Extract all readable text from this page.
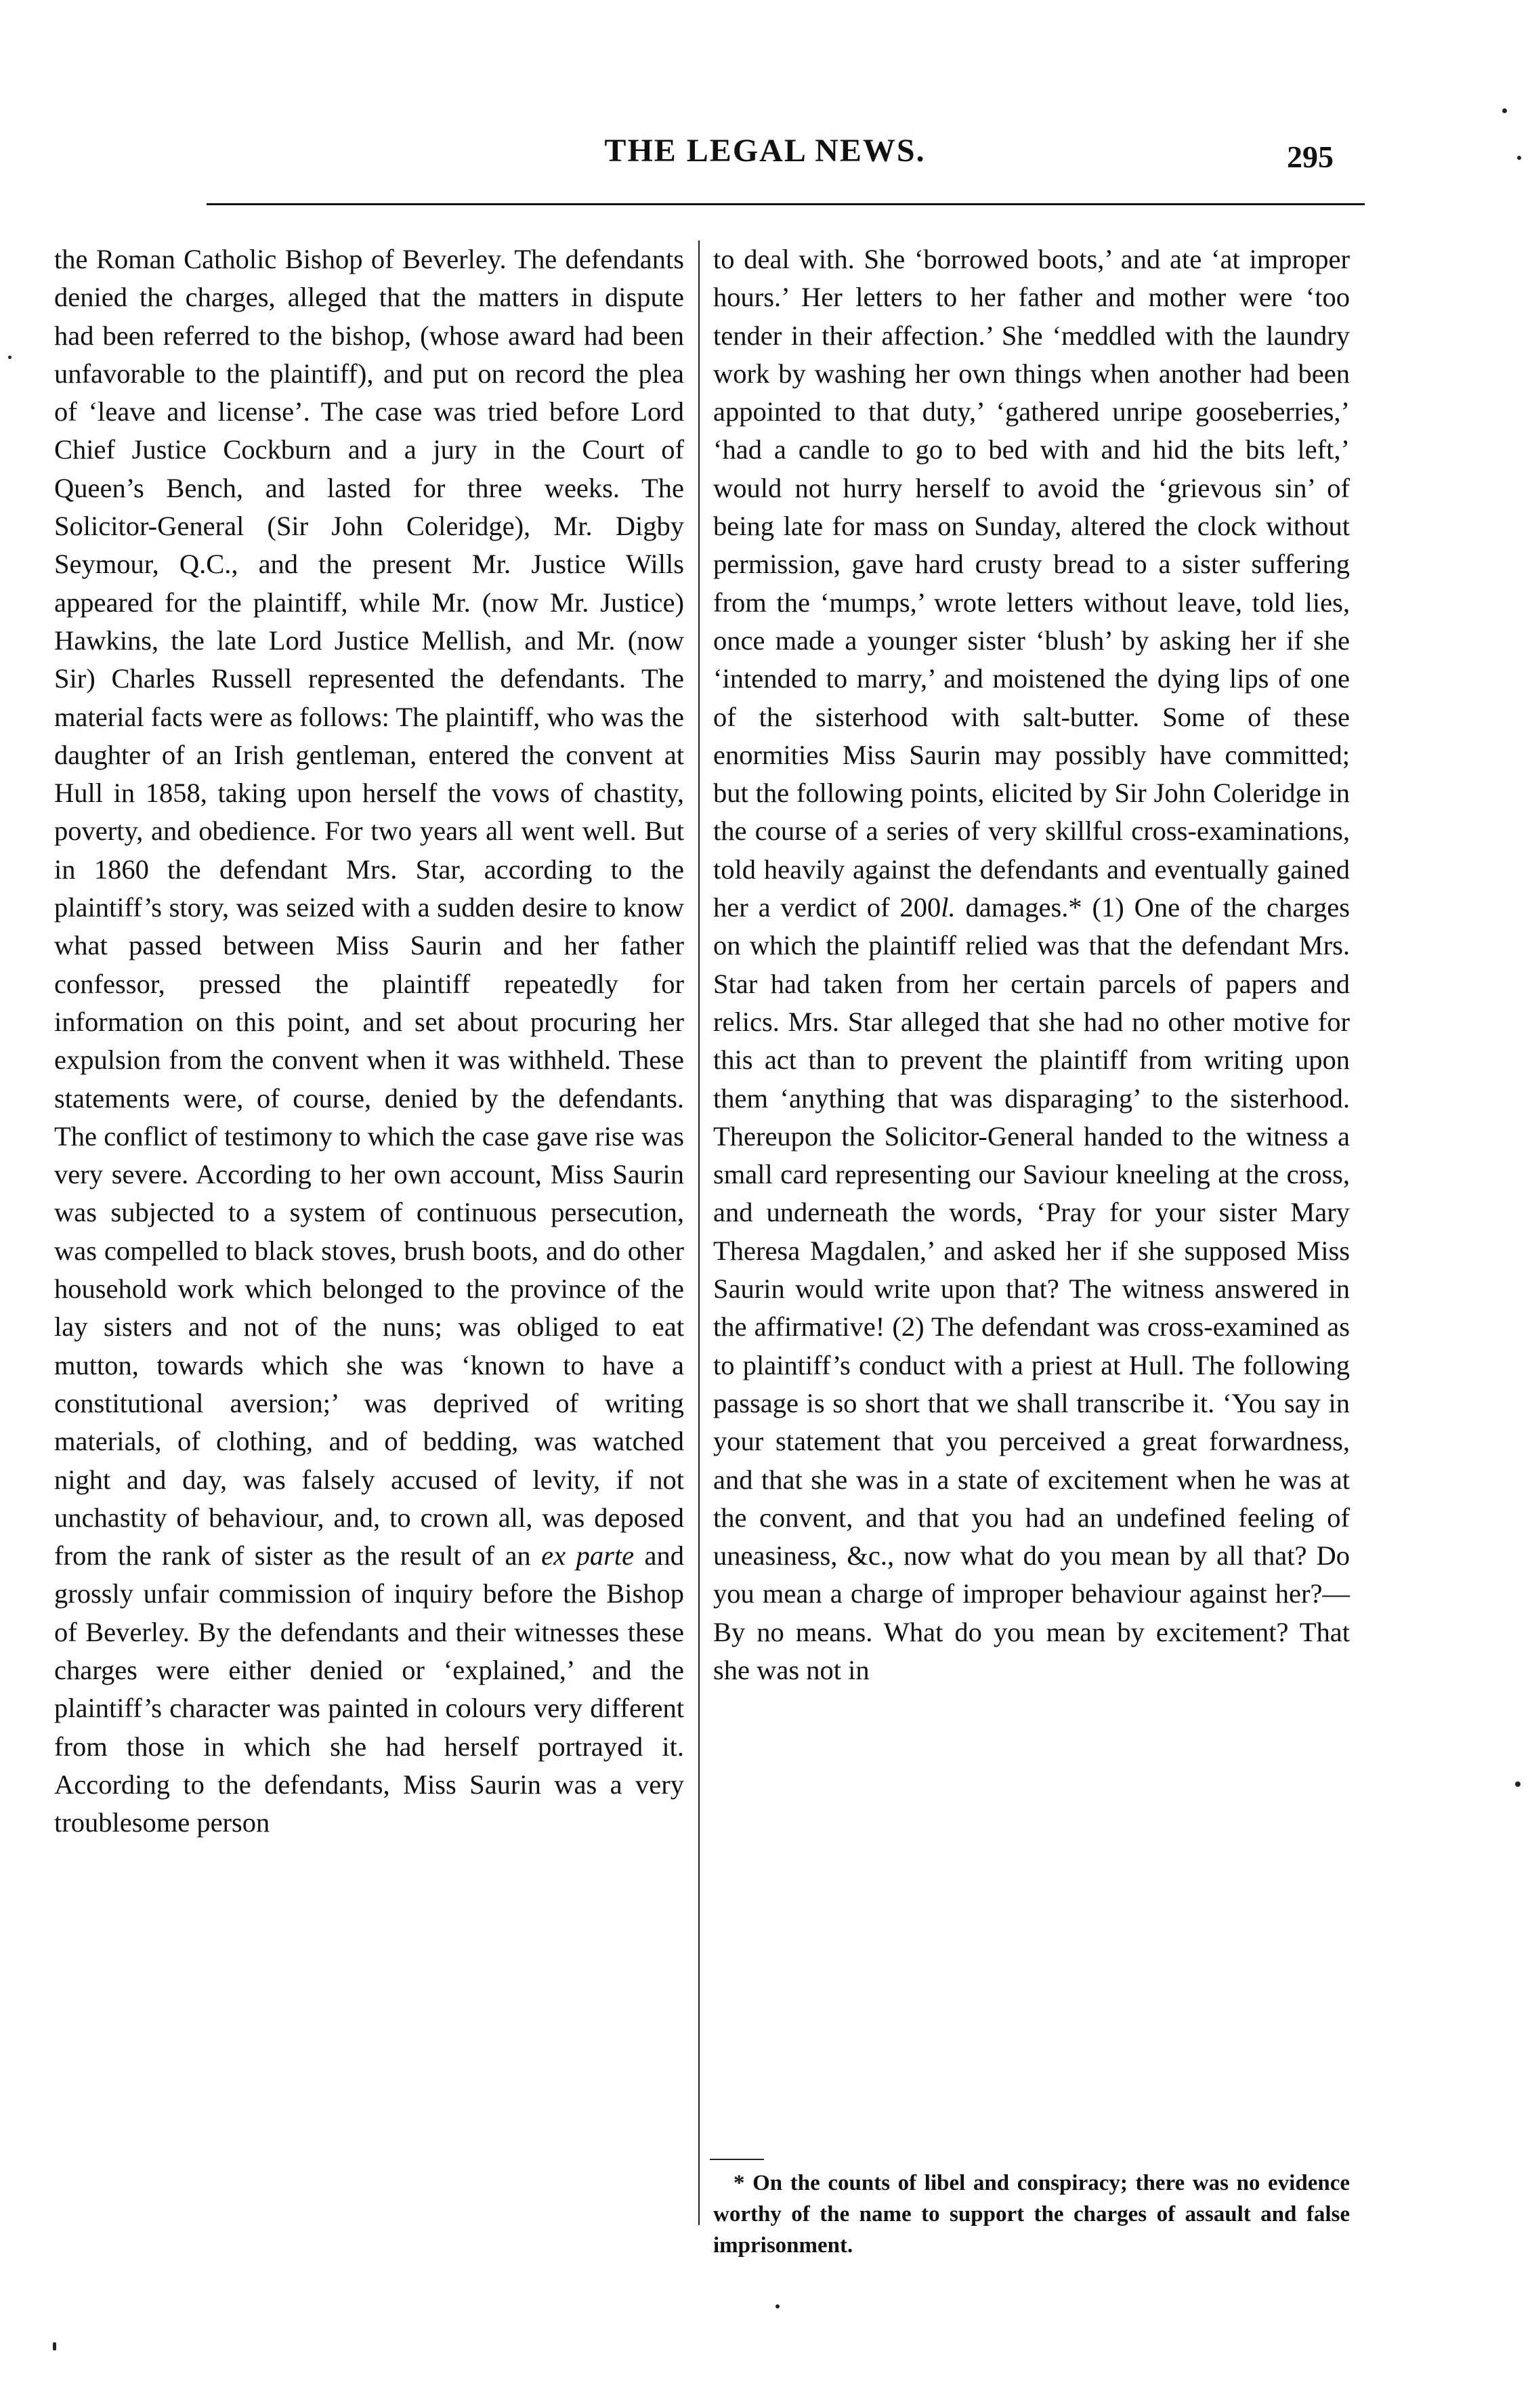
THE LEGAL NEWS.	295

the Roman Catholic Bishop of Beverley. The defendants denied the charges, alleged that the matters in dispute had been referred to the bishop, (whose award had been unfavorable to the plaintiff), and put on record the plea of ‘leave and license’. The case was tried before Lord Chief Justice Cockburn and a jury in the Court of Queen’s Bench, and lasted for three weeks. The Solicitor-General (Sir John Coleridge), Mr. Digby Seymour, Q.C., and the present Mr. Justice Wills appeared for the plaintiff, while Mr. (now Mr. Justice) Hawkins, the late Lord Justice Mellish, and Mr. (now Sir) Charles Russell represented the defendants. The material facts were as follows: The plaintiff, who was the daughter of an Irish gentleman, entered the convent at Hull in 1858, taking upon herself the vows of chastity, poverty, and obedience. For two years all went well. But in 1860 the defendant Mrs. Star, according to the plaintiff’s story, was seized with a sudden desire to know what passed between Miss Saurin and her father confessor, pressed the plaintiff repeatedly for information on this point, and set about procuring her expulsion from the convent when it was withheld. These statements were, of course, denied by the defendants. The conflict of testimony to which the case gave rise was very severe. According to her own account, Miss Saurin was subjected to a system of continuous persecution, was compelled to black stoves, brush boots, and do other household work which belonged to the province of the lay sisters and not of the nuns; was obliged to eat mutton, towards which she was ‘known to have a constitutional aversion;’ was deprived of writing materials, of clothing, and of bedding, was watched night and day, was falsely accused of levity, if not unchastity of behaviour, and, to crown all, was deposed from the rank of sister as the result of an ex parte and grossly unfair commission of inquiry before the Bishop of Beverley. By the defendants and their witnesses these charges were either denied or ‘explained,’ and the plaintiff’s character was painted in colours very different from those in which she had herself portrayed it. According to the defendants, Miss Saurin was a very troublesome person

to deal with. She ‘borrowed boots,’ and ate ‘at improper hours.’ Her letters to her father and mother were ‘too tender in their affection.’ She ‘meddled with the laundry work by washing her own things when another had been appointed to that duty,’ ‘gathered unripe gooseberries,’ ‘had a candle to go to bed with and hid the bits left,’ would not hurry herself to avoid the ‘grievous sin’ of being late for mass on Sunday, altered the clock without permission, gave hard crusty bread to a sister suffering from the ‘mumps,’ wrote letters without leave, told lies, once made a younger sister ‘blush’ by asking her if she ‘intended to marry,’ and moistened the dying lips of one of the sisterhood with salt-butter. Some of these enormities Miss Saurin may possibly have committed; but the following points, elicited by Sir John Coleridge in the course of a series of very skillful cross-examinations, told heavily against the defendants and eventually gained her a verdict of 200l. damages.* (1) One of the charges on which the plaintiff relied was that the defendant Mrs. Star had taken from her certain parcels of papers and relics. Mrs. Star alleged that she had no other motive for this act than to prevent the plaintiff from writing upon them ‘anything that was disparaging’ to the sisterhood. Thereupon the Solicitor-General handed to the witness a small card representing our Saviour kneeling at the cross, and underneath the words, ‘Pray for your sister Mary Theresa Magdalen,’ and asked her if she supposed Miss Saurin would write upon that? The witness answered in the affirmative! (2) The defendant was cross-examined as to plaintiff’s conduct with a priest at Hull. The following passage is so short that we shall transcribe it. ‘You say in your statement that you perceived a great forwardness, and that she was in a state of excitement when he was at the convent, and that you had an undefined feeling of uneasiness, &c., now what do you mean by all that? Do you mean a charge of improper behaviour against her?—By no means. What do you mean by excitement? That she was not in

* On the counts of libel and conspiracy; there was no evidence worthy of the name to support the charges of assault and false imprisonment.
